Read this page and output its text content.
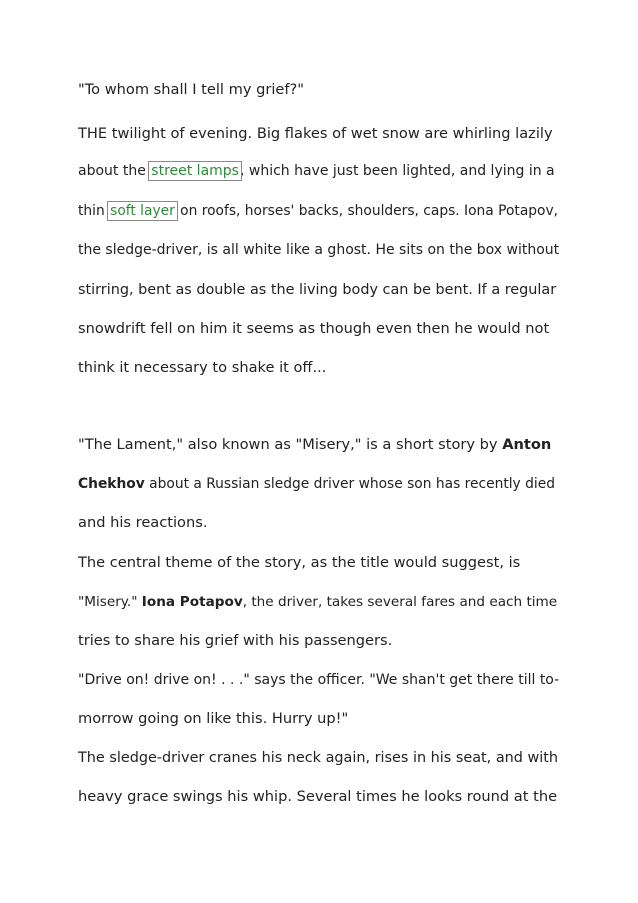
"To whom shall I tell my grief?"
THE twilight of evening. Big flakes of wet snow are whirling lazily
about the street lamps, which have just been lighted, and lying in a
thin soft layer on roofs, horses' backs, shoulders, caps. Iona Potapov,
the sledge-driver, is all white like a ghost. He sits on the box without
stirring, bent as double as the living body can be bent. If a regular
snowdrift fell on him it seems as though even then he would not
think it necessary to shake it off...
"The Lament," also known as "Misery," is a short story by Anton
Chekhov about a Russian sledge driver whose son has recently died
and his reactions.
The central theme of the story, as the title would suggest, is
"Misery." Iona Potapov, the driver, takes several fares and each time
tries to share his grief with his passengers.
"Drive on! drive on! . . ." says the officer. "We shan't get there till to-
morrow going on like this. Hurry up!"
The sledge-driver cranes his neck again, rises in his seat, and with
heavy grace swings his whip. Several times he looks round at the
